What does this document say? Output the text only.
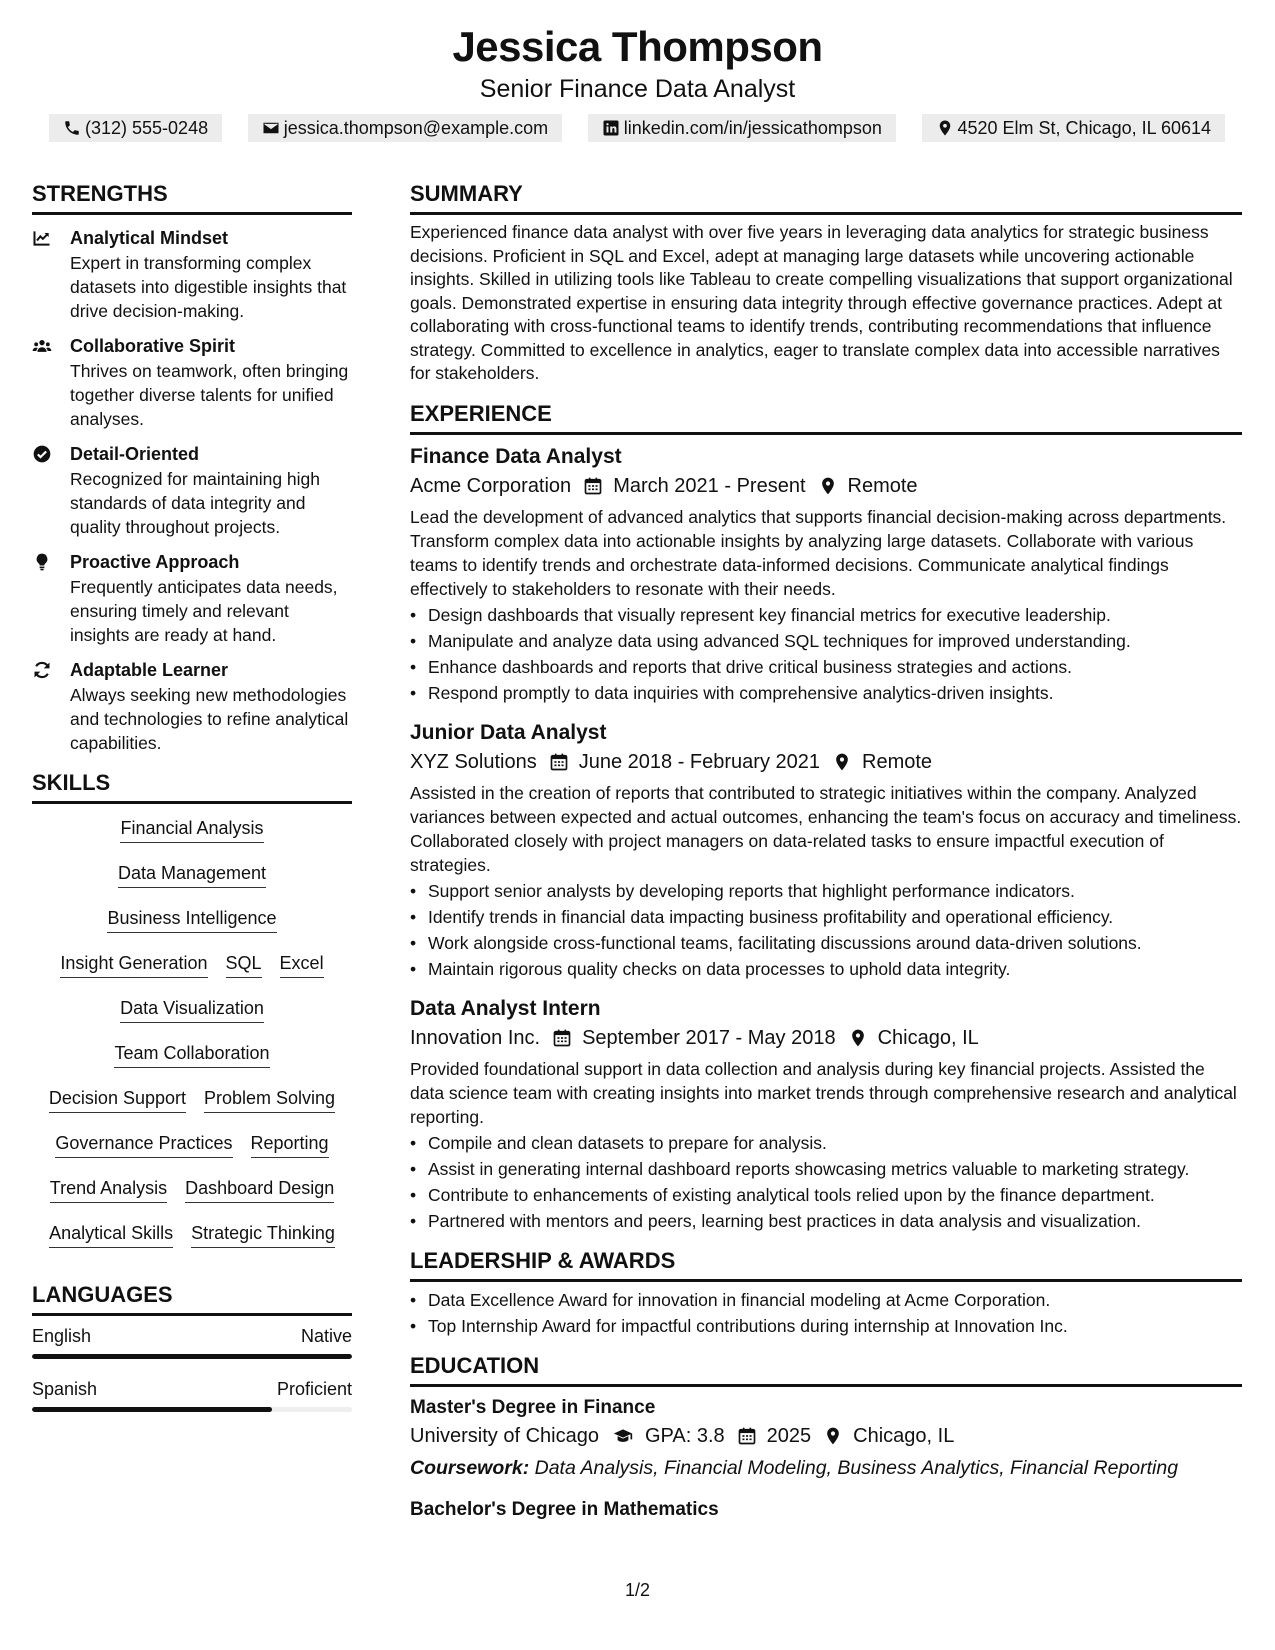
Jessica Thompson
Senior Finance Data Analyst
(312) 555-0248	jessica.thompson@example.com	linkedin.com/in/jessicathompson	4520 Elm St, Chicago, IL 60614
STRENGTHS
Analytical Mindset
Expert in transforming complex datasets into digestible insights that drive decision-making.
Collaborative Spirit
Thrives on teamwork, often bringing together diverse talents for unified analyses.
Detail-Oriented
Recognized for maintaining high standards of data integrity and quality throughout projects.
Proactive Approach
Frequently anticipates data needs, ensuring timely and relevant insights are ready at hand.
Adaptable Learner
Always seeking new methodologies and technologies to refine analytical capabilities.
SKILLS
Financial Analysis
Data Management
Business Intelligence
Insight Generation SQL Excel
Data Visualization
Team Collaboration
Decision Support Problem Solving
Governance Practices Reporting
Trend Analysis Dashboard Design
Analytical Skills Strategic Thinking
LANGUAGES
English	Native
Spanish	Proficient
SUMMARY
Experienced finance data analyst with over five years in leveraging data analytics for strategic business decisions. Proficient in SQL and Excel, adept at managing large datasets while uncovering actionable insights. Skilled in utilizing tools like Tableau to create compelling visualizations that support organizational goals. Demonstrated expertise in ensuring data integrity through effective governance practices. Adept at collaborating with cross-functional teams to identify trends, contributing recommendations that influence strategy. Committed to excellence in analytics, eager to translate complex data into accessible narratives for stakeholders.
EXPERIENCE
Finance Data Analyst
Acme Corporation March 2021 - Present Remote
Lead the development of advanced analytics that supports financial decision-making across departments. Transform complex data into actionable insights by analyzing large datasets. Collaborate with various teams to identify trends and orchestrate data-informed decisions. Communicate analytical findings effectively to stakeholders to resonate with their needs.
• Design dashboards that visually represent key financial metrics for executive leadership.
• Manipulate and analyze data using advanced SQL techniques for improved understanding.
• Enhance dashboards and reports that drive critical business strategies and actions.
• Respond promptly to data inquiries with comprehensive analytics-driven insights.
Junior Data Analyst
XYZ Solutions June 2018 - February 2021 Remote
Assisted in the creation of reports that contributed to strategic initiatives within the company. Analyzed variances between expected and actual outcomes, enhancing the team's focus on accuracy and timeliness. Collaborated closely with project managers on data-related tasks to ensure impactful execution of strategies.
• Support senior analysts by developing reports that highlight performance indicators.
• Identify trends in financial data impacting business profitability and operational efficiency.
• Work alongside cross-functional teams, facilitating discussions around data-driven solutions.
• Maintain rigorous quality checks on data processes to uphold data integrity.
Data Analyst Intern
Innovation Inc. September 2017 - May 2018 Chicago, IL
Provided foundational support in data collection and analysis during key financial projects. Assisted the data science team with creating insights into market trends through comprehensive research and analytical reporting.
• Compile and clean datasets to prepare for analysis.
• Assist in generating internal dashboard reports showcasing metrics valuable to marketing strategy.
• Contribute to enhancements of existing analytical tools relied upon by the finance department.
• Partnered with mentors and peers, learning best practices in data analysis and visualization.
LEADERSHIP & AWARDS
• Data Excellence Award for innovation in financial modeling at Acme Corporation.
• Top Internship Award for impactful contributions during internship at Innovation Inc.
EDUCATION
Master's Degree in Finance
University of Chicago GPA: 3.8 2025 Chicago, IL
Coursework: Data Analysis, Financial Modeling, Business Analytics, Financial Reporting
Bachelor's Degree in Mathematics
1/2
